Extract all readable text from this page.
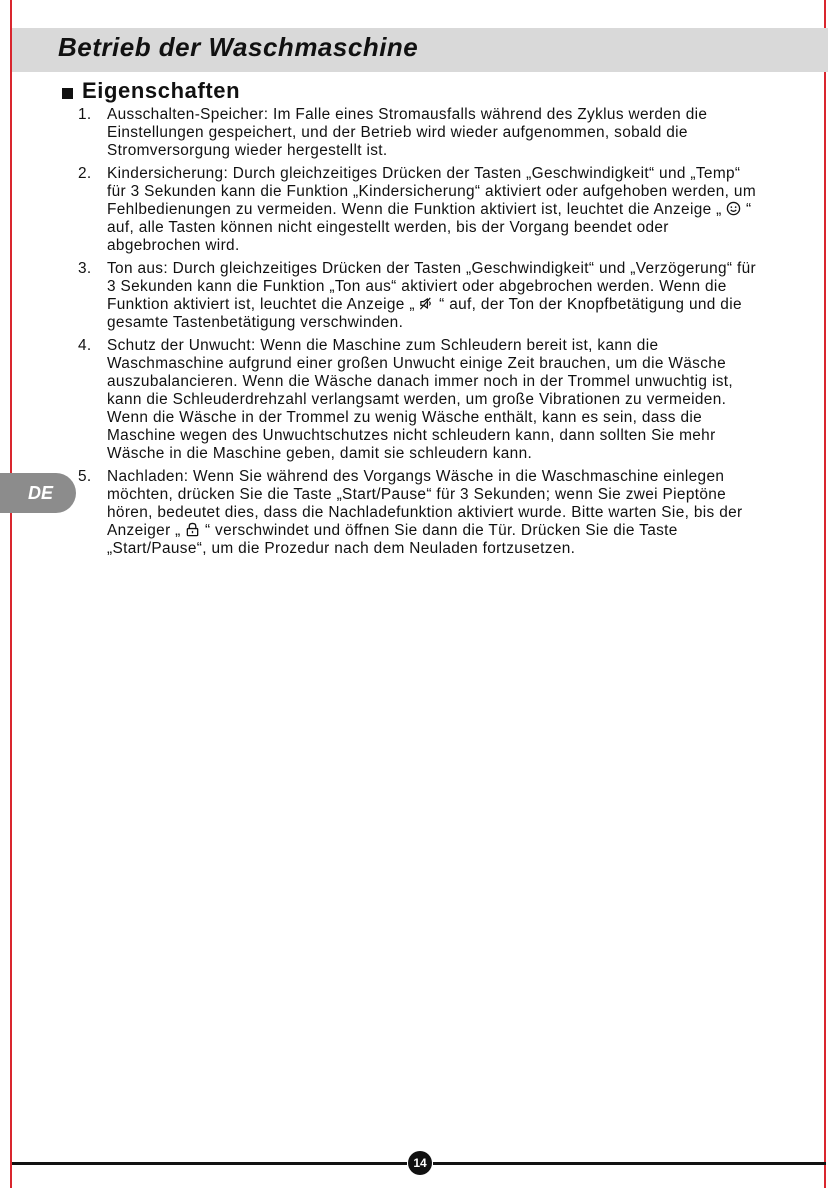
Betrieb der Waschmaschine
Eigenschaften
1. Ausschalten-Speicher: Im Falle eines Stromausfalls während des Zyklus werden die Einstellungen gespeichert, und der Betrieb wird wieder aufgenommen, sobald die Stromversorgung wieder hergestellt ist.
2. Kindersicherung: Durch gleichzeitiges Drücken der Tasten „Geschwindigkeit“ und „Temp“ für 3 Sekunden kann die Funktion „Kindersicherung“ aktiviert oder aufgehoben werden, um Fehlbedienungen zu vermeiden. Wenn die Funktion aktiviert ist, leuchtet die Anzeige „ “ auf, alle Tasten können nicht eingestellt werden, bis der Vorgang beendet oder abgebrochen wird.
3. Ton aus: Durch gleichzeitiges Drücken der Tasten „Geschwindigkeit“ und „Verzögerung“ für 3 Sekunden kann die Funktion „Ton aus“ aktiviert oder abgebrochen werden. Wenn die Funktion aktiviert ist, leuchtet die Anzeige „ “ auf, der Ton der Knopfbetätigung und die gesamte Tastenbetätigung verschwinden.
4. Schutz der Unwucht: Wenn die Maschine zum Schleudern bereit ist, kann die Waschmaschine aufgrund einer großen Unwucht einige Zeit brauchen, um die Wäsche auszubalancieren. Wenn die Wäsche danach immer noch in der Trommel unwuchtig ist, kann die Schleuderdrehzahl verlangsamt werden, um große Vibrationen zu vermeiden. Wenn die Wäsche in der Trommel zu wenig Wäsche enthält, kann es sein, dass die Maschine wegen des Unwuchtschutzes nicht schleudern kann, dann sollten Sie mehr Wäsche in die Maschine geben, damit sie schleudern kann.
5. Nachladen: Wenn Sie während des Vorgangs Wäsche in die Waschmaschine einlegen möchten, drücken Sie die Taste „Start/Pause“ für 3 Sekunden; wenn Sie zwei Pieptöne hören, bedeutet dies, dass die Nachladefunktion aktiviert wurde. Bitte warten Sie, bis der Anzeiger „ “ verschwindet und öffnen Sie dann die Tür. Drücken Sie die Taste „Start/Pause“, um die Prozedur nach dem Neuladen fortzusetzen.
DE
14
